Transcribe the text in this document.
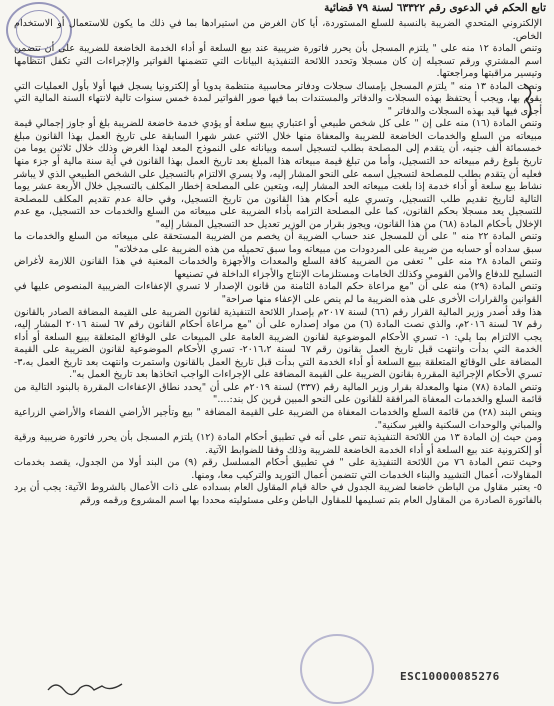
تابع الحكم في الدعوى رقم ٦٣٣٢٢ لسنة ٧٩ قضائية

الإلكتروني المتحدي الضريبة بالنسبة للسلع المستوردة، أيا كان الغرض من استيرادها بما في ذلك ما يكون للاستعمال أو الاستخدام الخاص.

وتنص المادة ١٢ منه على " يلتزم المسجل بأن يحرر فاتورة ضريبية عند بيع السلعة أو أداء الخدمة الخاضعة للضريبة على أن تتضمن اسم المشتري ورقم تسجيله إن كان مسجلا وتحدد اللائحة التنفيذية البيانات التي تتضمنها الفواتير والإجراءات التي تكفل انتظامها وتيسير مراقبتها ومراجعتها.

ونصت المادة ١٣ منه " يلتزم المسجل بإمساك سجلات ودفاتر محاسبية منتظمة يدويا أو إلكترونيا يسجل فيها أولا بأول العمليات التي يقوم بها، ويجب أ يحتفظ بهذه السجلات والدفاتر والمستندات بما فيها صور الفواتير لمدة خمس سنوات تالية لانتهاء السنة المالية التي أجرى فيها قيد بهذه السجلات والدفاتر "

وتنص المادة (١٦) منه على إن " على كل شخص طبيعي أو اعتباري يبيع سلعة أو يؤدي خدمة خاضعة للضريبة بلغ أو جاوز إجمالي قيمة مبيعاته من السلع والخدمات الخاضعة للضريبة والمعفاة منها خلال الاثني عشر شهرا السابقة على تاريخ العمل بهذا القانون مبلغ خمسمائة ألف جنيه، أن يتقدم إلى المصلحة بطلب لتسجيل اسمه وبياناته على النموذج المعد لهذا الغرض وذلك خلال ثلاثين يوما من تاريخ بلوغ رقم مبيعاته حد التسجيل، وأما من تبلغ قيمة مبيعاته هذا المبلغ بعد تاريخ العمل بهذا القانون في أية سنة مالية أو جزء منها فعليه أن يتقدم بطلب للمصلحة لتسجيل اسمه على النحو المشار إليه، ولا يسري الالتزام بالتسجيل على الشخص الطبيعي الذي لا يباشر نشاط بيع سلعة أو أداء خدمة إذا بلغت مبيعاته الحد المشار إليه، ويتعين على المصلحة إخطار المكلف بالتسجيل خلال الأربعة عشر يوما التالية لتاريخ تقديم طلب التسجيل، وتسري عليه أحكام هذا القانون من تاريخ التسجيل، وفي حالة عدم تقديم المكلف للمصلحة للتسجيل يعد مسجلا بحكم القانون، كما على المصلحة التزامه بأداء الضريبة على مبيعاته من السلع والخدمات حد التسجيل، مع عدم الإخلال بأحكام المادة (٦٨) من هذا القانون، ويجوز بقرار من الوزير تعديل حد التسجيل المشار إليه"

وتنص المادة ٢٢ منه " على أن للمسجل عند حساب الضريبة أن يخصم من الضريبة المستحقة على مبيعاته من السلع والخدمات ما سبق سداده أو حسابه من ضريبة على المردودات من مبيعاته وما سبق تحميله من هذه الضريبة على مدخلاته"

وتنص المادة ٢٨ منه على " تعفى من الضريبة كافة السلع والمعدات والأجهزة والخدمات المعنية في هذا القانون اللازمة لأغراض التسليح للدفاع والأمن القومي وكذلك الخامات ومستلزمات الإنتاج والأجزاء الداخلة في تصنيعها

وتنص المادة (٢٩) منه على أن "مع مراعاة حكم المادة الثامنة من قانون الإصدار لا تسري الإعفاءات الضريبية المنصوص عليها في القوانين والقرارات الأخرى على هذه الضريبة ما لم ينص على الإعفاء منها صراحة"

هذا وقد أصدر وزير المالية القرار رقم (٦٦) لسنة ٢٠١٧م بإصدار اللائحة التنفيذية لقانون الضريبة على القيمة المضافة الصادر بالقانون رقم ٦٧ لسنة ٢٠١٦م، والذي نصت المادة (٦) من مواد إصداره على أن "مع مراعاة أحكام القانون رقم ٦٧ لسنة ٢٠١٦ المشار إليه، يجب الالتزام بما يلي: ١- تسري الأحكام الموضوعية لقانون الضريبة العامة على المبيعات على الوقائع المتعلقة ببيع السلعة أو أداء الخدمة التي بدأت وانتهت قبل تاريخ العمل بقانون رقم ٦٧ لسنة ٢٠١٦،٢- تسري الأحكام الموضوعية لقانون الضريبة على القيمة المضافة على الوقائع المتعلقة ببيع السلعة أو أداء الخدمة التي بدأت قبل تاريخ العمل بالقانون واستمرت وانتهت بعد تاريخ العمل به،٣- تسري الأحكام الإجرائية المقررة بقانون الضريبة على القيمة المضافة على الإجراءات الواجب اتخاذها بعد تاريخ العمل به".

وتنص المادة (٧٨) منها والمعدلة بقرار وزير المالية رقم (٣٣٧) لسنة ٢٠١٩م على أن "يحدد نطاق الإعفاءات المقررة بالبنود التالية من قائمة السلع والخدمات المعفاة المرافقة للقانون على النحو المبين قرين كل بند:...."

وينص البند (٢٨) من قائمة السلع والخدمات المعفاة من الضريبة على القيمة المضافة " بيع وتأجير الأراضي الفضاء والأراضي الزراعية والمباني والوحدات السكنية والغير سكنية".

ومن حيث إن المادة ١٣ من اللائحة التنفيذية تنص على أنه في تطبيق أحكام المادة (١٢) يلتزم المسجل بأن يحرر فاتورة ضريبية ورقية أو إلكترونية عند بيع السلعة أو أداء الخدمة الخاضعة للضريبة وذلك وفقا للضوابط الآتية.

وحيث تنص المادة ٧٦ من اللائحة التنفيذية على " في تطبيق أحكام المسلسل رقم (٩) من البند أولا من الجدول، يقصد بخدمات المقاولات، أعمال التشييد والبناء الخدمات التي تتضمن أعمال التوريد والتركيب معا، ومنها.

٥- يعتبر مقاول من الباطن خاضعا لضريبة الجدول في حالة قيام المقاول العام بسداده على ذات الأعمال بالشروط الآتية: يجب أن يرد بالفاتورة الصادرة من المقاول العام بتم تسليمها للمقاول الباطن وعلى مسئوليته محددا بها اسم المشروع ورقمه ورقم

ESC10000085276
